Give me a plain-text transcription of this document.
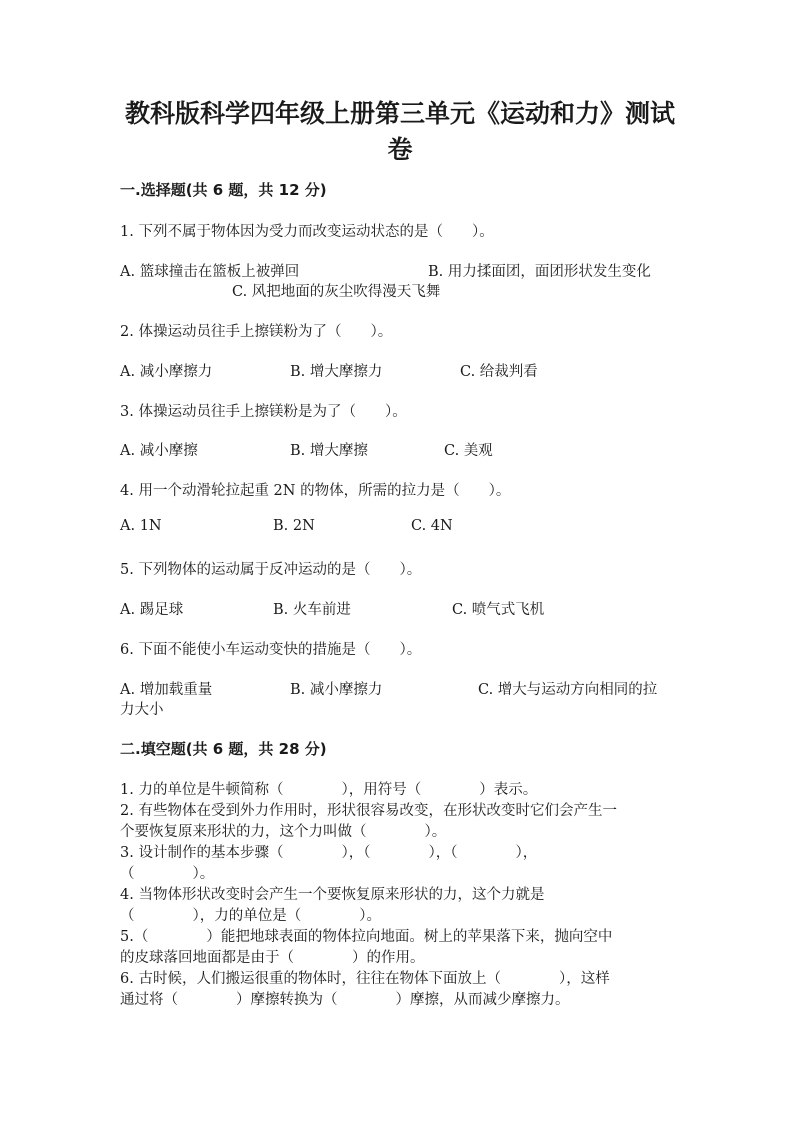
教科版科学四年级上册第三单元《运动和力》测试
卷
一.选择题(共 6 题，共 12 分)
1. 下列不属于物体因为受力而改变运动状态的是（　　）。
A. 篮球撞击在篮板上被弹回	B. 用力揉面团，面团形状发生变化
C. 风把地面的灰尘吹得漫天飞舞
2. 体操运动员往手上擦镁粉为了（　　）。
A. 减小摩擦力	B. 增大摩擦力	C. 给裁判看
3. 体操运动员往手上擦镁粉是为了（　　）。
A. 减小摩擦	B. 增大摩擦	C. 美观
4. 用一个动滑轮拉起重 2N 的物体，所需的拉力是（　　）。
A. 1N	B. 2N	C. 4N
5. 下列物体的运动属于反冲运动的是（　　）。
A. 踢足球	B. 火车前进	C. 喷气式飞机
6. 下面不能使小车运动变快的措施是（　　）。
A. 增加载重量	B. 减小摩擦力	C. 增大与运动方向相同的拉
力大小
二.填空题(共 6 题，共 28 分)
1. 力的单位是牛顿简称（　　　　），用符号（　　　　）表示。
2. 有些物体在受到外力作用时，形状很容易改变，在形状改变时它们会产生一
个要恢复原来形状的力，这个力叫做（　　　　）。
3. 设计制作的基本步骤（　　　　），（　　　　），（　　　　），
（　　　　）。
4. 当物体形状改变时会产生一个要恢复原来形状的力，这个力就是
（　　　　），力的单位是（　　　　）。
5.（　　　　）能把地球表面的物体拉向地面。树上的苹果落下来，抛向空中
的皮球落回地面都是由于（　　　　）的作用。
6. 古时候，人们搬运很重的物体时，往往在物体下面放上（　　　　），这样
通过将（　　　　）摩擦转换为（　　　　）摩擦，从而减少摩擦力。
